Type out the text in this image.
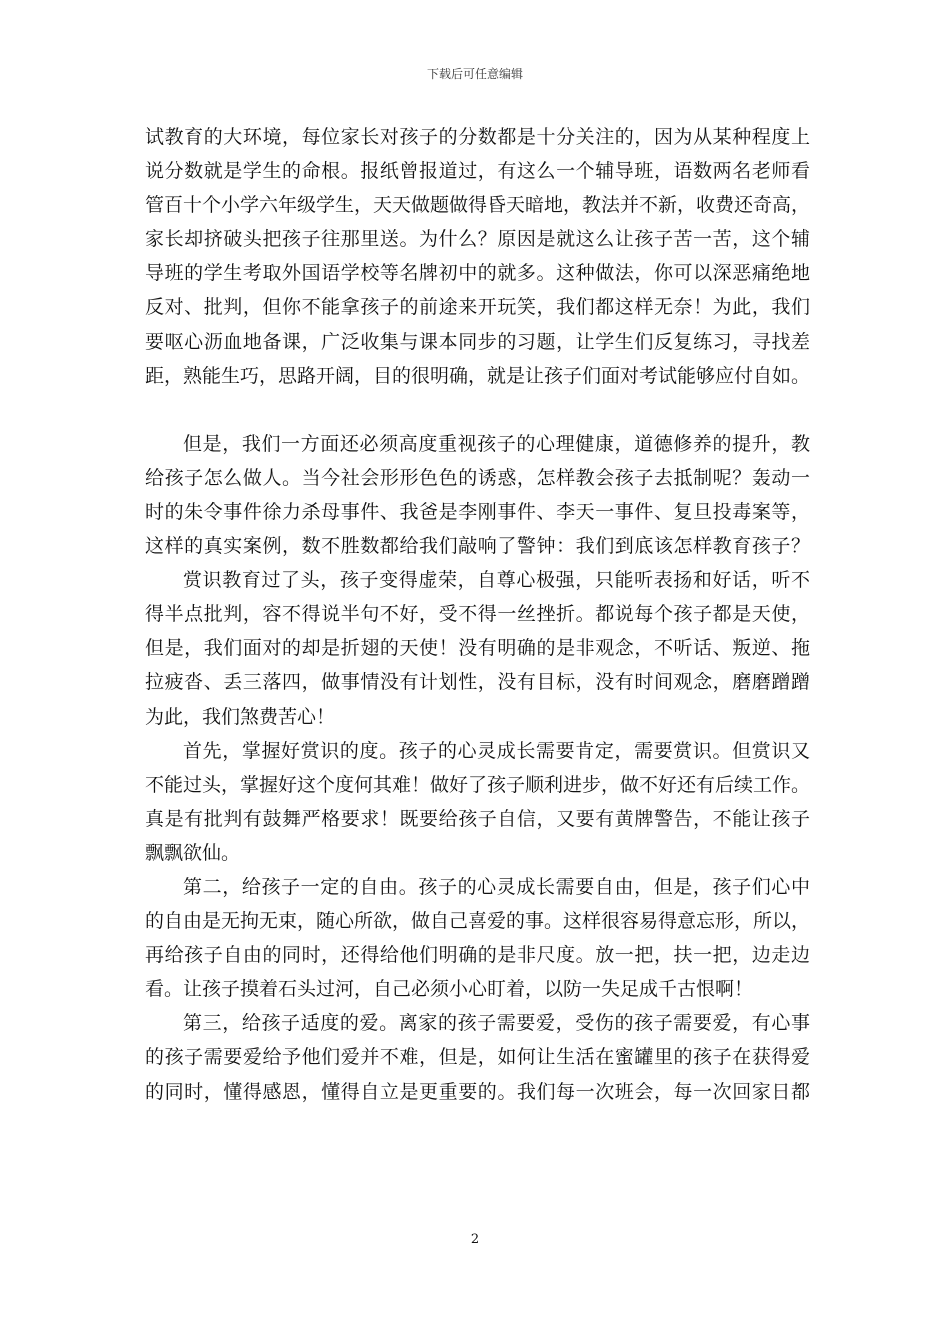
下载后可任意编辑
试教育的大环境，每位家长对孩子的分数都是十分关注的，因为从某种程度上
说分数就是学生的命根。报纸曾报道过，有这么一个辅导班，语数两名老师看
管百十个小学六年级学生，天天做题做得昏天暗地，教法并不新，收费还奇高，
家长却挤破头把孩子往那里送。为什么？原因是就这么让孩子苦一苦，这个辅
导班的学生考取外国语学校等名牌初中的就多。这种做法，你可以深恶痛绝地
反对、批判，但你不能拿孩子的前途来开玩笑，我们都这样无奈！为此，我们
要呕心沥血地备课，广泛收集与课本同步的习题，让学生们反复练习，寻找差
距，熟能生巧，思路开阔，目的很明确，就是让孩子们面对考试能够应付自如。
但是，我们一方面还必须高度重视孩子的心理健康，道德修养的提升，教
给孩子怎么做人。当今社会形形色色的诱惑，怎样教会孩子去抵制呢？轰动一
时的朱令事件徐力杀母事件、我爸是李刚事件、李天一事件、复旦投毒案等，
这样的真实案例，数不胜数都给我们敲响了警钟：我们到底该怎样教育孩子？
赏识教育过了头，孩子变得虚荣，自尊心极强，只能听表扬和好话，听不
得半点批判，容不得说半句不好，受不得一丝挫折。都说每个孩子都是天使，
但是，我们面对的却是折翅的天使！没有明确的是非观念，不听话、叛逆、拖
拉疲沓、丢三落四，做事情没有计划性，没有目标，没有时间观念，磨磨蹭蹭
为此，我们煞费苦心！
首先，掌握好赏识的度。孩子的心灵成长需要肯定，需要赏识。但赏识又
不能过头，掌握好这个度何其难！做好了孩子顺利进步，做不好还有后续工作。
真是有批判有鼓舞严格要求！既要给孩子自信，又要有黄牌警告，不能让孩子
飘飘欲仙。
第二，给孩子一定的自由。孩子的心灵成长需要自由，但是，孩子们心中
的自由是无拘无束，随心所欲，做自己喜爱的事。这样很容易得意忘形，所以，
再给孩子自由的同时，还得给他们明确的是非尺度。放一把，扶一把，边走边
看。让孩子摸着石头过河，自己必须小心盯着，以防一失足成千古恨啊！
第三，给孩子适度的爱。离家的孩子需要爱，受伤的孩子需要爱，有心事
的孩子需要爱给予他们爱并不难，但是，如何让生活在蜜罐里的孩子在获得爱
的同时，懂得感恩，懂得自立是更重要的。我们每一次班会，每一次回家日都
2
